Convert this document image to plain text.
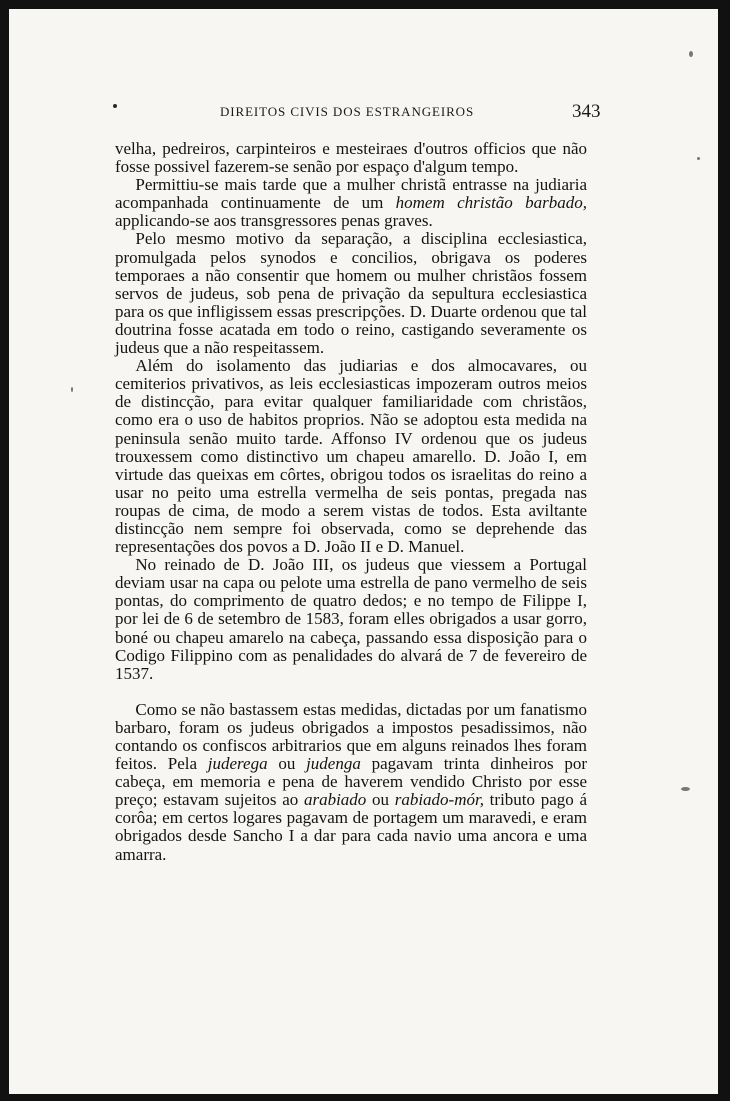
DIREITOS CIVIS DOS ESTRANGEIROS	343

velha, pedreiros, carpinteiros e mesteiraes d'outros officios que não fosse possivel fazerem-se senão por espaço d'algum tempo.

Permittiu-se mais tarde que a mulher christã entrasse na judiaria acompanhada continuamente de um homem christão barbado, applicando-se aos transgressores penas graves.

Pelo mesmo motivo da separação, a disciplina ecclesiastica, promulgada pelos synodos e concilios, obrigava os poderes temporaes a não consentir que homem ou mulher christãos fossem servos de judeus, sob pena de privação da sepultura ecclesiastica para os que infligissem essas prescripções. D. Duarte ordenou que tal doutrina fosse acatada em todo o reino, castigando severamente os judeus que a não respeitassem.

Além do isolamento das judiarias e dos almocavares, ou cemiterios privativos, as leis ecclesiasticas impozeram outros meios de distincção, para evitar qualquer familiaridade com christãos, como era o uso de habitos proprios. Não se adoptou esta medida na peninsula senão muito tarde. Affonso IV ordenou que os judeus trouxessem como distinctivo um chapeu amarello. D. João I, em virtude das queixas em côrtes, obrigou todos os israelitas do reino a usar no peito uma estrella vermelha de seis pontas, pregada nas roupas de cima, de modo a serem vistas de todos. Esta aviltante distincção nem sempre foi observada, como se deprehende das representações dos povos a D. João II e D. Manuel.

No reinado de D. João III, os judeus que viessem a Portugal deviam usar na capa ou pelote uma estrella de pano vermelho de seis pontas, do comprimento de quatro dedos; e no tempo de Filippe I, por lei de 6 de setembro de 1583, foram elles obrigados a usar gorro, boné ou chapeu amarelo na cabeça, passando essa disposição para o Codigo Filippino com as penalidades do alvará de 7 de fevereiro de 1537.

Como se não bastassem estas medidas, dictadas por um fanatismo barbaro, foram os judeus obrigados a impostos pesadissimos, não contando os confiscos arbitrarios que em alguns reinados lhes foram feitos. Pela juderega ou judenga pagavam trinta dinheiros por cabeça, em memoria e pena de haverem vendido Christo por esse preço; estavam sujeitos ao arabiado ou rabiado-mór, tributo pago á corôa; em certos logares pagavam de portagem um maravedi, e eram obrigados desde Sancho I a dar para cada navio uma ancora e uma amarra.
